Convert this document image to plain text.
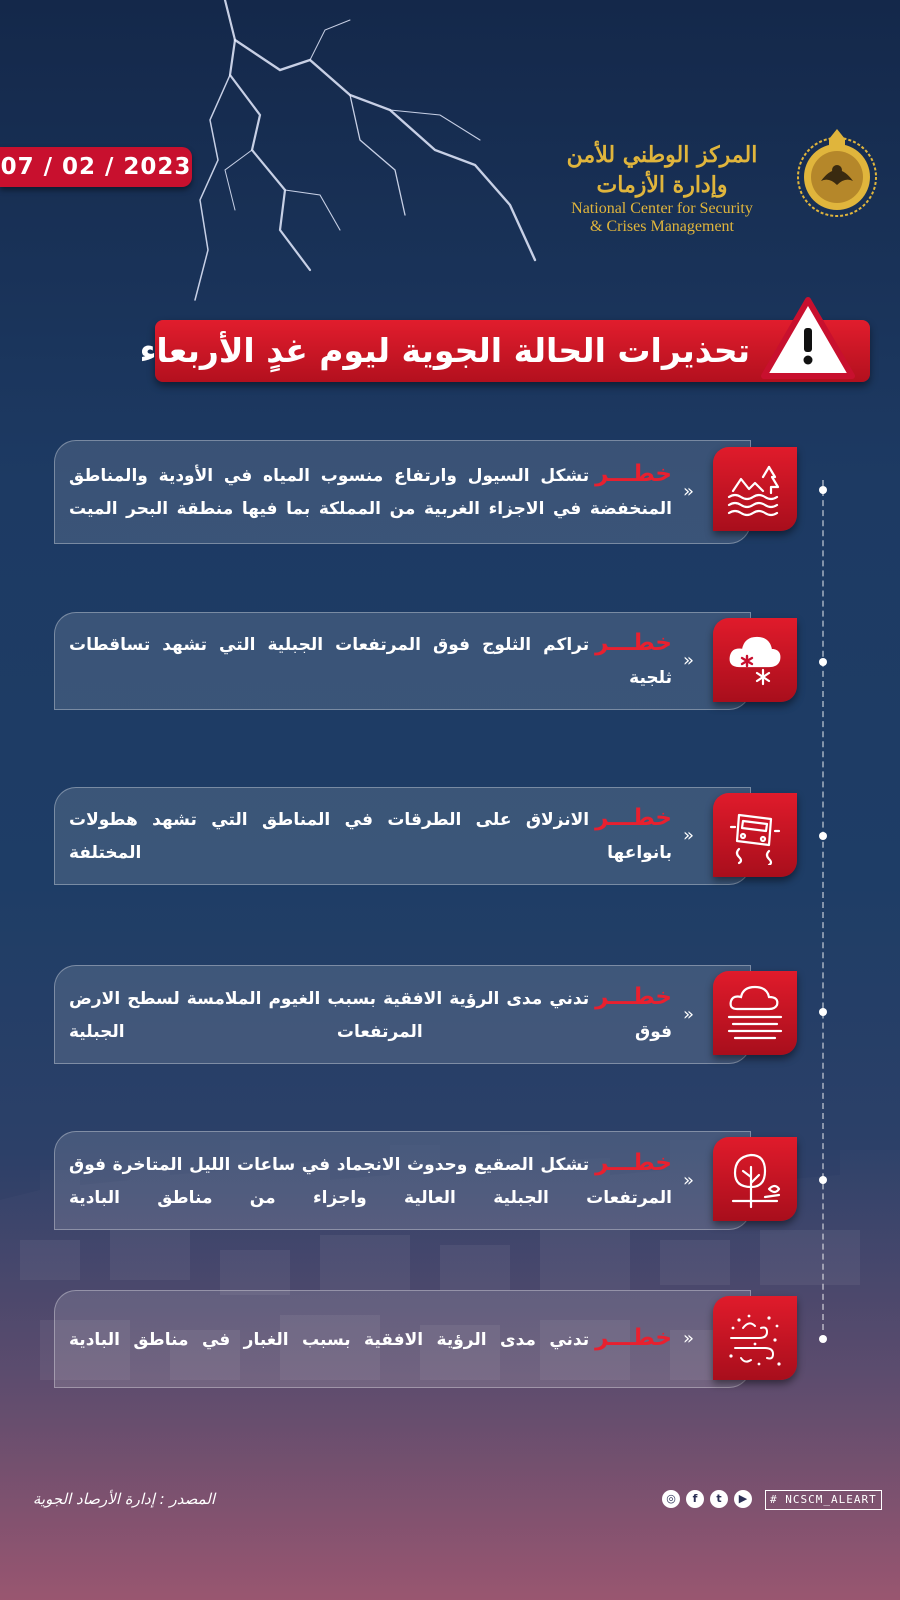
07 / 02 / 2023	المركز الوطني للأمن وإدارة الأزمات
National Center for Security
& Crises Management
تحذيرات الحالة الجوية ليوم غدٍ الأربعاء
خطـــرتشكل السيول وارتفاع منسوب المياه في الأودية والمناطق المنخفضة في الاجزاء الغربية من المملكة بما فيها منطقة البحر الميت
»
خطـــرتراكم الثلوج فوق المرتفعات الجبلية التي تشهد تساقطات ثلجية
»
خطـــرالانزلاق على الطرقات في المناطق التي تشهد هطولات بانواعها المختلفة
»
خطـــرتدني مدى الرؤية الافقية بسبب الغيوم الملامسة لسطح الارض فوق المرتفعات الجبلية
»
خطـــرتشكل الصقيع وحدوث الانجماد في ساعات الليل المتاخرة فوق المرتفعات الجبلية العالية واجزاء من مناطق البادية
»
خطـــرتدني مدى الرؤية الافقية بسبب الغبار في مناطق البادية	»
المصدر : إدارة الأرصاد الجوية	◎	f	t	▶	# NCSCM_ALEART
